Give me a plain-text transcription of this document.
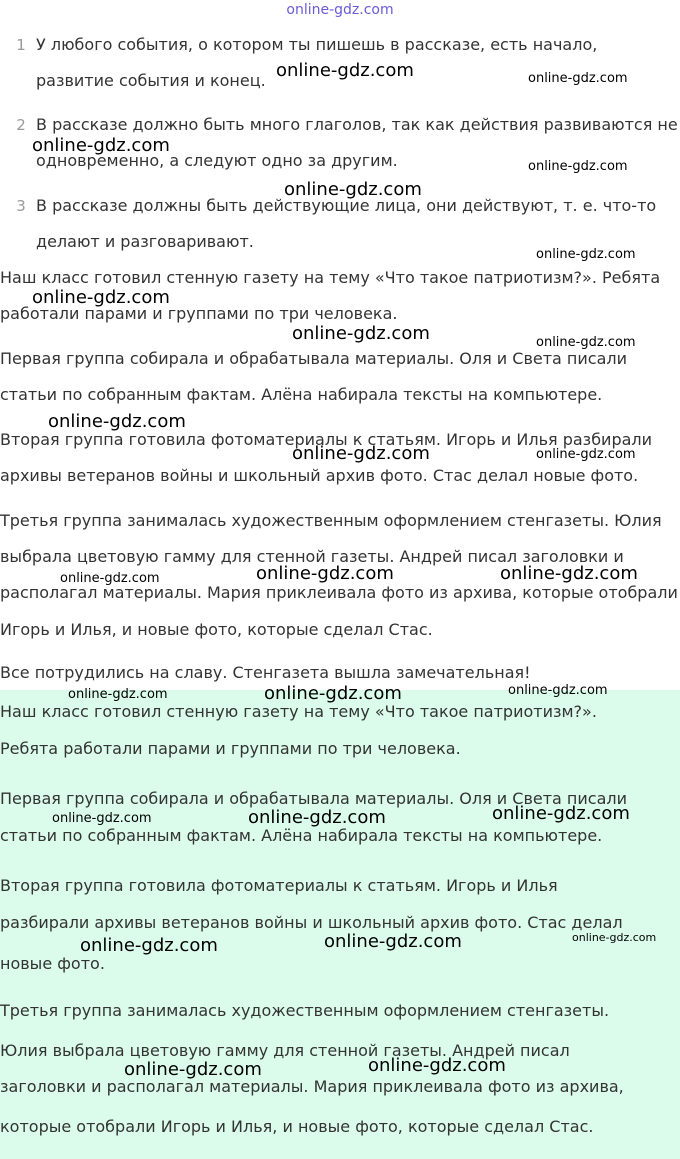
online-gdz.com
1 У любого события, о котором ты пишешь в рассказе, есть начало,
развитие события и конец.
2 В рассказе должно быть много глаголов, так как действия развиваются не
одновременно, а следуют одно за другим.
3 В рассказе должны быть действующие лица, они действуют, т. е. что-то
делают и разговаривают.
Наш класс готовил стенную газету на тему «Что такое патриотизм?». Ребята
работали парами и группами по три человека.
Первая группа собирала и обрабатывала материалы. Оля и Света писали
статьи по собранным фактам. Алёна набирала тексты на компьютере.
Вторая группа готовила фотоматериалы к статьям. Игорь и Илья разбирали
архивы ветеранов войны и школьный архив фото. Стас делал новые фото.
Третья группа занималась художественным оформлением стенгазеты. Юлия
выбрала цветовую гамму для стенной газеты. Андрей писал заголовки и
располагал материалы. Мария приклеивала фото из архива, которые отобрали
Игорь и Илья, и новые фото, которые сделал Стас.
Все потрудились на славу. Стенгазета вышла замечательная!
Наш класс готовил стенную газету на тему «Что такое патриотизм?».
Ребята работали парами и группами по три человека.
Первая группа собирала и обрабатывала материалы. Оля и Света писали
статьи по собранным фактам. Алёна набирала тексты на компьютере.
Вторая группа готовила фотоматериалы к статьям. Игорь и Илья
разбирали архивы ветеранов войны и школьный архив фото. Стас делал
новые фото.
Третья группа занималась художественным оформлением стенгазеты.
Юлия выбрала цветовую гамму для стенной газеты. Андрей писал
заголовки и располагал материалы. Мария приклеивала фото из архива,
которые отобрали Игорь и Илья, и новые фото, которые сделал Стас.
online-gdz.com	online-gdz.com
online-gdz.com
online-gdz.com
online-gdz.com
online-gdz.com
online-gdz.com
online-gdz.com	online-gdz.com
online-gdz.com
online-gdz.com	online-gdz.com
online-gdz.com	online-gdz.com
online-gdz.com
online-gdz.com	online-gdz.com	online-gdz.com
online-gdz.com	online-gdz.com	online-gdz.com
online-gdz.com	online-gdz.com	online-gdz.com
online-gdz.com	online-gdz.com
